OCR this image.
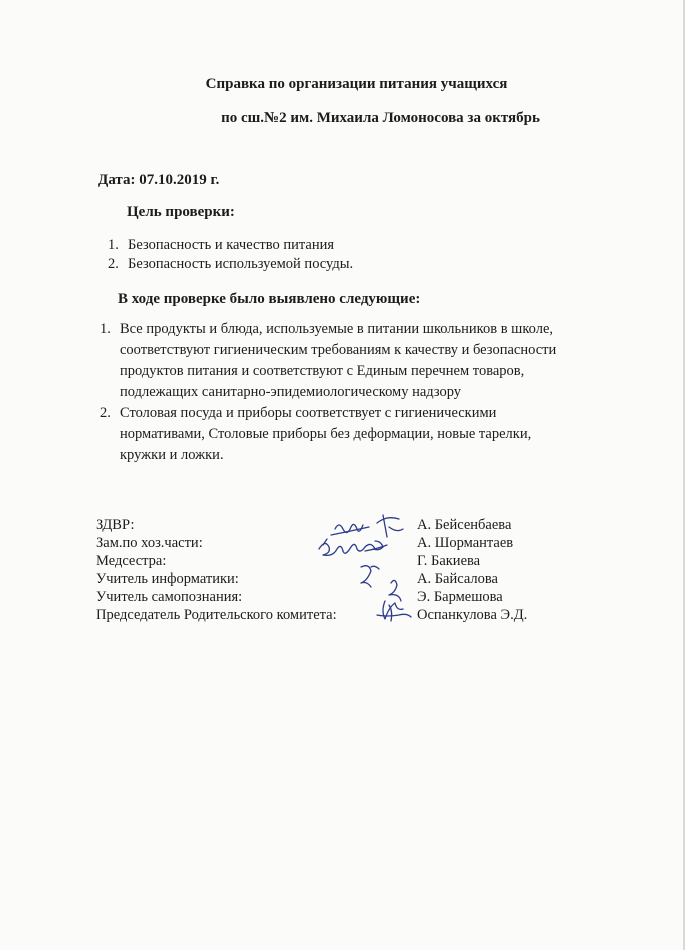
Справка по организации питания учащихся
по сш.№2 им. Михаила Ломоносова за октябрь
Дата: 07.10.2019 г.
Цель проверки:
1. Безопасность и качество питания
2. Безопасность используемой посуды.
В ходе проверке было выявлено следующие:
1. Все продукты и блюда, используемые в питании школьников в школе, соответствуют гигиеническим требованиям к качеству и безопасности продуктов питания и соответствуют с Единым перечнем товаров, подлежащих санитарно-эпидемиологическому надзору
2. Столовая посуда и приборы соответствует с гигиеническими нормативами, Столовые приборы без деформации, новые тарелки, кружки и ложки.
ЗДВР:	А. Бейсенбаева
Зам.по хоз.части:	А. Шормантаев
Медсестра:	Г. Бакиева
Учитель информатики:	А. Байсалова
Учитель самопознания:	Э. Бармешова
Председатель Родительского комитета:	Оспанкулова Э.Д.
